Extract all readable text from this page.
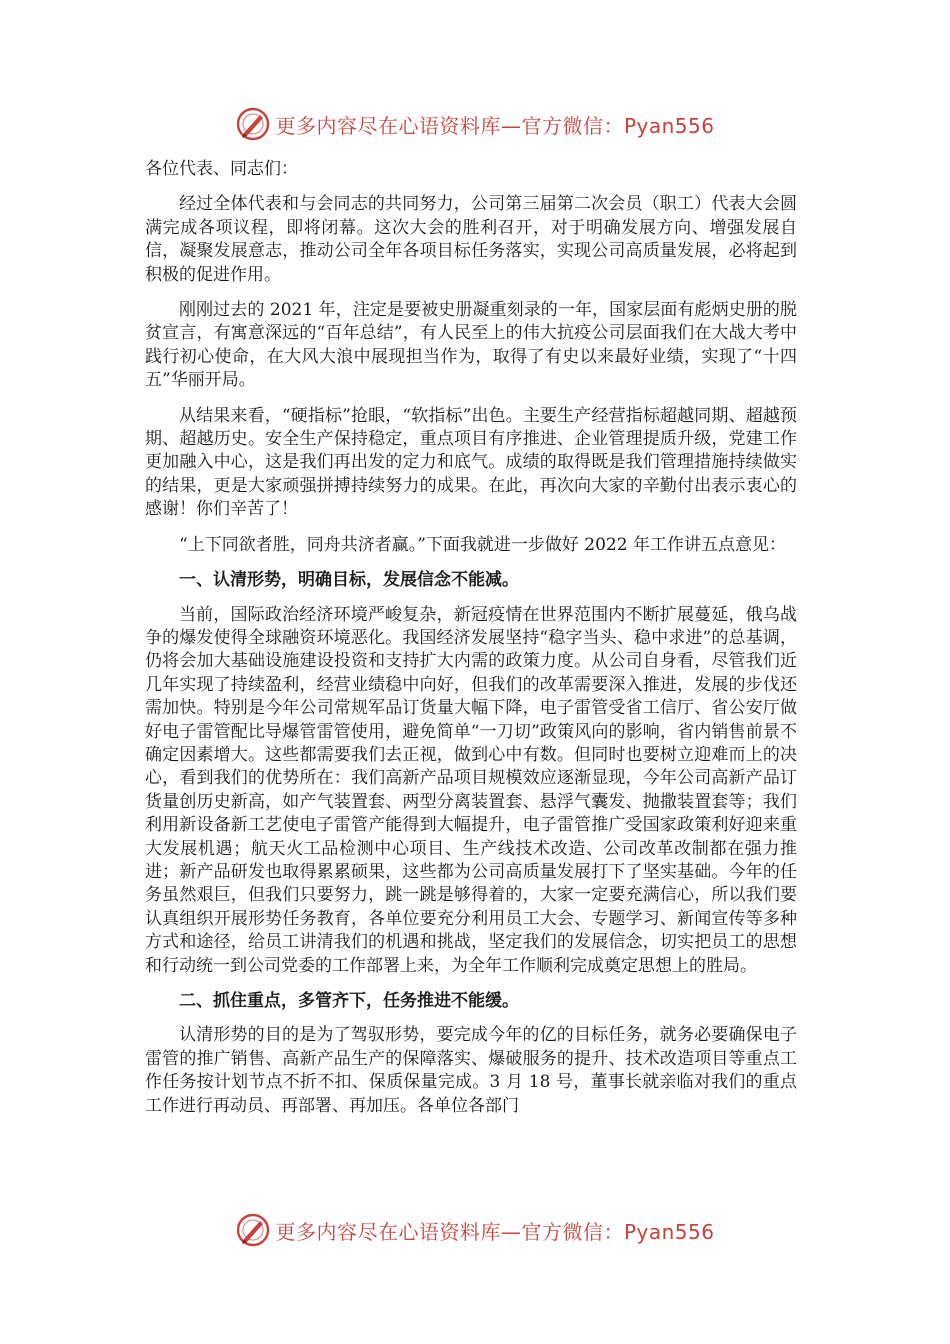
更多内容尽在心语资料库—官方微信：Pyan556

各位代表、同志们：

经过全体代表和与会同志的共同努力，公司第三届第二次会员（职工）代表大会圆满完成各项议程，即将闭幕。这次大会的胜利召开，对于明确发展方向、增强发展自信，凝聚发展意志，推动公司全年各项目标任务落实，实现公司高质量发展，必将起到积极的促进作用。

刚刚过去的 2021 年，注定是要被史册凝重刻录的一年，国家层面有彪炳史册的脱贫宣言，有寓意深远的“百年总结”，有人民至上的伟大抗疫公司层面我们在大战大考中践行初心使命，在大风大浪中展现担当作为，取得了有史以来最好业绩，实现了“十四五”华丽开局。

从结果来看，“硬指标”抢眼，“软指标”出色。主要生产经营指标超越同期、超越预期、超越历史。安全生产保持稳定，重点项目有序推进、企业管理提质升级，党建工作更加融入中心，这是我们再出发的定力和底气。成绩的取得既是我们管理措施持续做实的结果，更是大家顽强拼搏持续努力的成果。在此，再次向大家的辛勤付出表示衷心的感谢！你们辛苦了！

“上下同欲者胜，同舟共济者赢。”下面我就进一步做好 2022 年工作讲五点意见：

一、认清形势，明确目标，发展信念不能减。

当前，国际政治经济环境严峻复杂，新冠疫情在世界范围内不断扩展蔓延，俄乌战争的爆发使得全球融资环境恶化。我国经济发展坚持“稳字当头、稳中求进”的总基调，仍将会加大基础设施建设投资和支持扩大内需的政策力度。从公司自身看，尽管我们近几年实现了持续盈利，经营业绩稳中向好，但我们的改革需要深入推进，发展的步伐还需加快。特别是今年公司常规军品订货量大幅下降，电子雷管受省工信厅、省公安厅做好电子雷管配比导爆管雷管使用，避免简单“一刀切”政策风向的影响，省内销售前景不确定因素增大。这些都需要我们去正视，做到心中有数。但同时也要树立迎难而上的决心，看到我们的优势所在：我们高新产品项目规模效应逐渐显现，今年公司高新产品订货量创历史新高，如产气装置套、两型分离装置套、悬浮气囊发、抛撒装置套等；我们利用新设备新工艺使电子雷管产能得到大幅提升，电子雷管推广受国家政策利好迎来重大发展机遇；航天火工品检测中心项目、生产线技术改造、公司改革改制都在强力推进；新产品研发也取得累累硕果，这些都为公司高质量发展打下了坚实基础。今年的任务虽然艰巨，但我们只要努力，跳一跳是够得着的，大家一定要充满信心，所以我们要认真组织开展形势任务教育，各单位要充分利用员工大会、专题学习、新闻宣传等多种方式和途径，给员工讲清我们的机遇和挑战，坚定我们的发展信念，切实把员工的思想和行动统一到公司党委的工作部署上来，为全年工作顺利完成奠定思想上的胜局。

二、抓住重点，多管齐下，任务推进不能缓。

认清形势的目的是为了驾驭形势，要完成今年的亿的目标任务，就务必要确保电子雷管的推广销售、高新产品生产的保障落实、爆破服务的提升、技术改造项目等重点工作任务按计划节点不折不扣、保质保量完成。3 月 18 号，董事长就亲临对我们的重点工作进行再动员、再部署、再加压。各单位各部门

更多内容尽在心语资料库—官方微信：Pyan556
